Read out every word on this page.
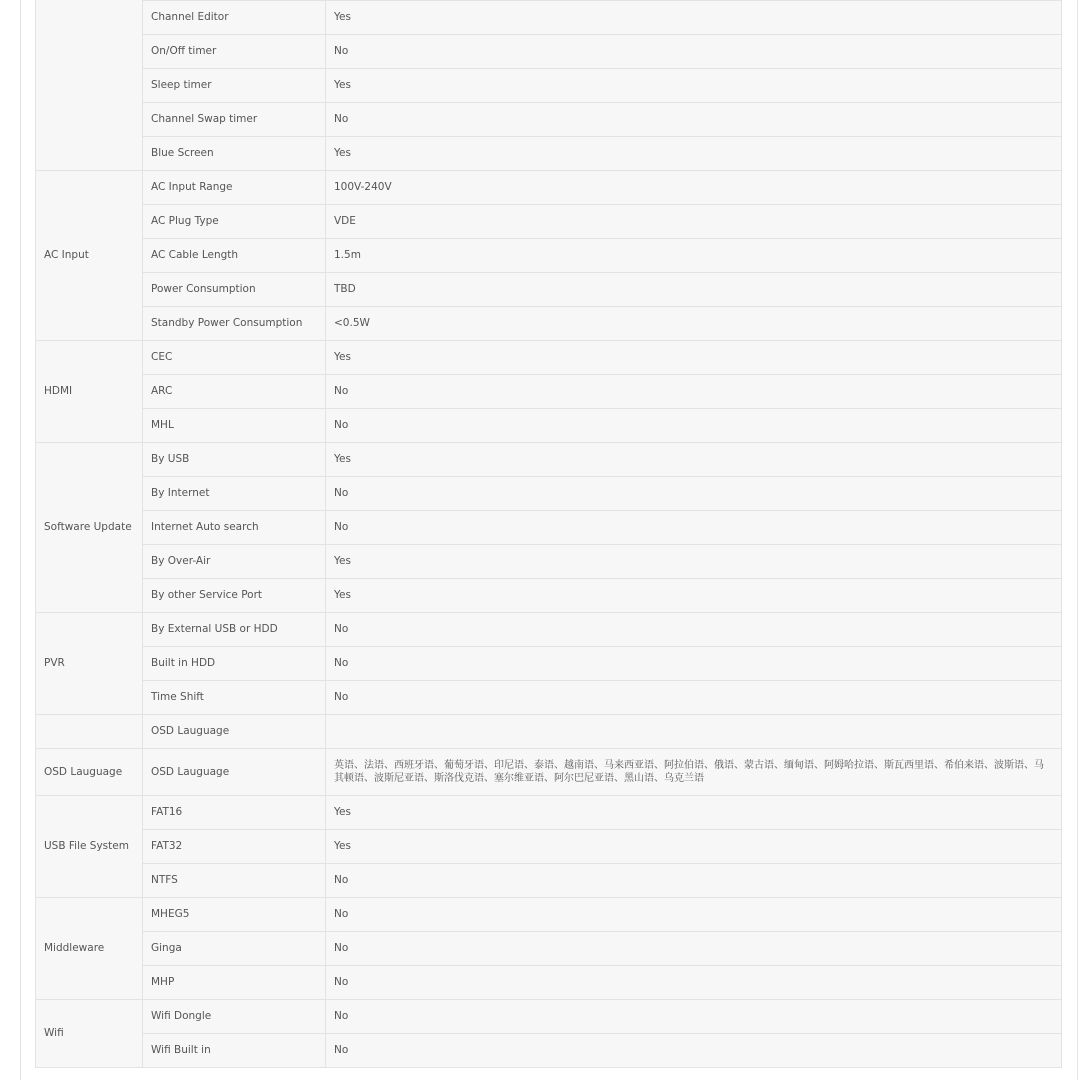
	Channel Editor	Yes
	On/Off timer	No
	Sleep timer	Yes
	Channel Swap timer	No
	Blue Screen	Yes
AC Input	AC Input Range	100V-240V
	AC Plug Type	VDE
	AC Cable Length	1.5m
	Power Consumption	TBD
	Standby Power Consumption	<0.5W
HDMI	CEC	Yes
	ARC	No
	MHL	No
Software Update	By USB	Yes
	By Internet	No
	Internet Auto search	No
	By Over-Air	Yes
	By other Service Port	Yes
PVR	By External USB or HDD	No
	Built in HDD	No
	Time Shift	No
	OSD Lauguage	
OSD Lauguage	OSD Lauguage	英语、法语、西班牙语、葡萄牙语、印尼语、泰语、越南语、马来西亚语、阿拉伯语、俄语、蒙古语、缅甸语、阿姆哈拉语、斯瓦西里语、希伯来语、波斯语、马其顿语、波斯尼亚语、斯洛伐克语、塞尔维亚语、阿尔巴尼亚语、黑山语、乌克兰语
USB File System	FAT16	Yes
	FAT32	Yes
	NTFS	No
Middleware	MHEG5	No
	Ginga	No
	MHP	No
Wifi	Wifi Dongle	No
	Wifi Built in	No
